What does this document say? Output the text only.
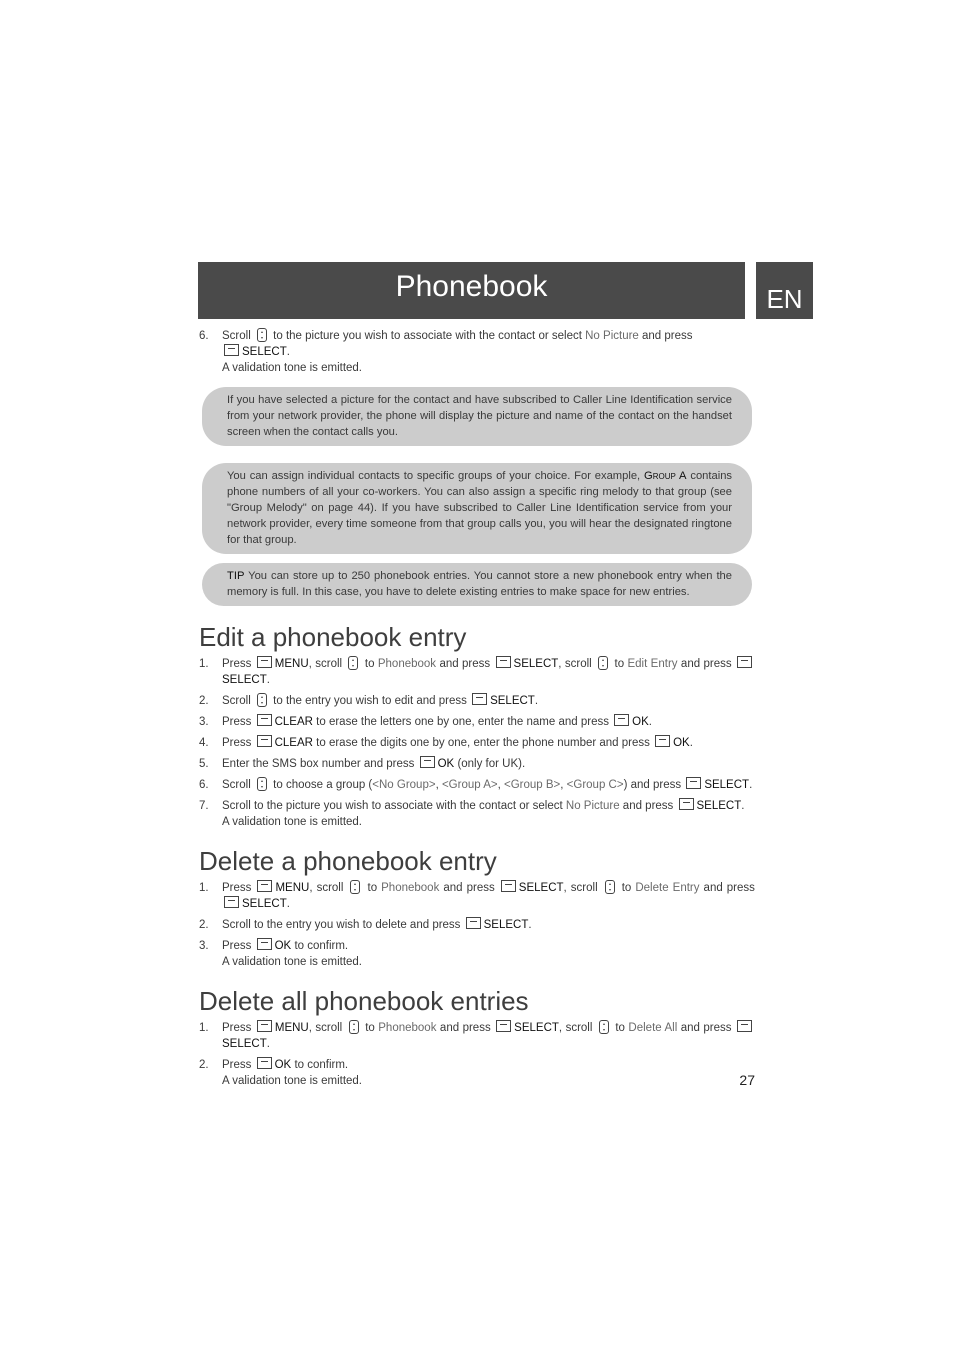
Phonebook	EN
6. Scroll to the picture you wish to associate with the contact or select No Picture and press
SELECT.
A validation tone is emitted.
If you have selected a picture for the contact and have subscribed to Caller Line Identification service from your network provider, the phone will display the picture and name of the contact on the handset screen when the contact calls you.
You can assign individual contacts to specific groups of your choice. For example, Group A contains phone numbers of all your co-workers. You can also assign a specific ring melody to that group (see "Group Melody" on page 44). If you have subscribed to Caller Line Identification service from your network provider, every time someone from that group calls you, you will hear the designated ringtone for that group.
TIP You can store up to 250 phonebook entries. You cannot store a new phonebook entry when the memory is full. In this case, you have to delete existing entries to make space for new entries.
Edit a phonebook entry
1. Press MENU, scroll to Phonebook and press SELECT, scroll to Edit Entry and press SELECT.
2. Scroll to the entry you wish to edit and press SELECT.
3. Press CLEAR to erase the letters one by one, enter the name and press OK.
4. Press CLEAR to erase the digits one by one, enter the phone number and press OK.
5. Enter the SMS box number and press OK (only for UK).
6. Scroll to choose a group (<No Group>, <Group A>, <Group B>, <Group C>) and press SELECT.
7. Scroll to the picture you wish to associate with the contact or select No Picture and press SELECT.
A validation tone is emitted.
Delete a phonebook entry
1. Press MENU, scroll to Phonebook and press SELECT, scroll to Delete Entry and press SELECT.
2. Scroll to the entry you wish to delete and press SELECT.
3. Press OK to confirm.
A validation tone is emitted.
Delete all phonebook entries
1. Press MENU, scroll to Phonebook and press SELECT, scroll to Delete All and press SELECT.
2. Press OK to confirm.
A validation tone is emitted.	27
